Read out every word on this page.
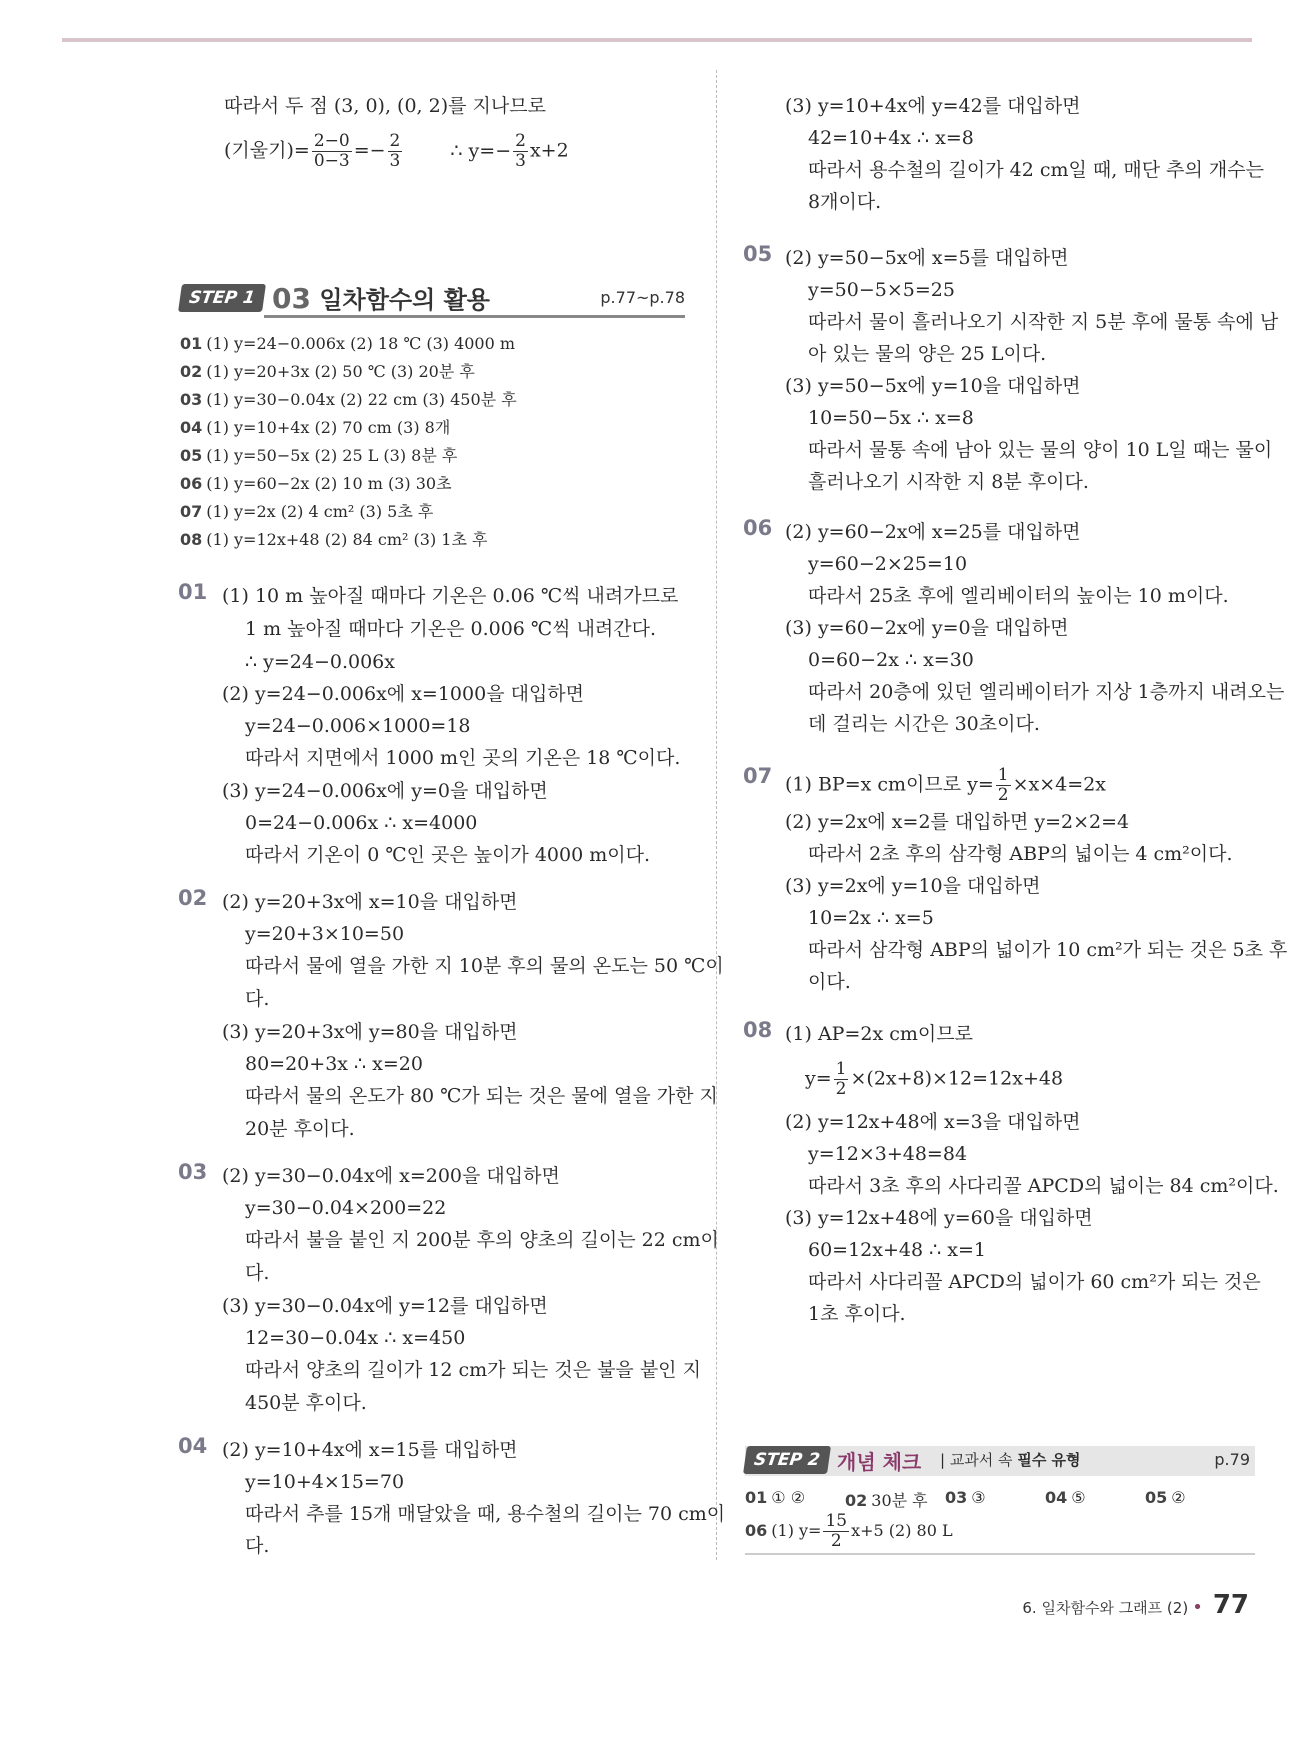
따라서 두 점 (3, 0), (0, 2)를 지나므로
(기울기)= $\frac{2-0}{0-3} =- \frac{2}{3}$	∴ $y=- \frac{2}{3} x+2$
STEP 1 03 일차함수의 활용	p.77~p.78
01 (1) y=24−0.006x (2) 18 ℃ (3) 4000 m
02 (1) y=20+3x (2) 50 ℃ (3) 20분 후
03 (1) y=30−0.04x (2) 22 cm (3) 450분 후
04 (1) y=10+4x (2) 70 cm (3) 8개
05 (1) y=50−5x (2) 25 L (3) 8분 후
06 (1) y=60−2x (2) 10 m (3) 30초
07 (1) y=2x (2) 4 cm² (3) 5초 후
08 (1) y=12x+48 (2) 84 cm² (3) 1초 후
01
02
03
04
(1) 10 m 높아질 때마다 기온은 0.06 ℃씩 내려가므로
1 m 높아질 때마다 기온은 0.006 ℃씩 내려간다.
∴ y=24−0.006x
(2) y=24−0.006x에 x=1000을 대입하면
y=24−0.006×1000=18
따라서 지면에서 1000 m인 곳의 기온은 18 ℃이다.
(3) y=24−0.006x에 y=0을 대입하면
0=24−0.006x ∴ x=4000
따라서 기온이 0 ℃인 곳은 높이가 4000 m이다.
(2) y=20+3x에 x=10을 대입하면
y=20+3×10=50
따라서 물에 열을 가한 지 10분 후의 물의 온도는 50 ℃이
다.
(3) y=20+3x에 y=80을 대입하면
80=20+3x ∴ x=20
따라서 물의 온도가 80 ℃가 되는 것은 물에 열을 가한 지
20분 후이다.
(2) y=30−0.04x에 x=200을 대입하면
y=30−0.04×200=22
따라서 불을 붙인 지 200분 후의 양초의 길이는 22 cm이
다.
(3) y=30−0.04x에 y=12를 대입하면
12=30−0.04x ∴ x=450
따라서 양초의 길이가 12 cm가 되는 것은 불을 붙인 지
450분 후이다.
(2) y=10+4x에 x=15를 대입하면
y=10+4×15=70
따라서 추를 15개 매달았을 때, 용수철의 길이는 70 cm이
다.
05
06
07
08
(3) y=10+4x에 y=42를 대입하면
42=10+4x ∴ x=8
따라서 용수철의 길이가 42 cm일 때, 매단 추의 개수는
8개이다.
(2) y=50−5x에 x=5를 대입하면
y=50−5×5=25
따라서 물이 흘러나오기 시작한 지 5분 후에 물통 속에 남
아 있는 물의 양은 25 L이다.
(3) y=50−5x에 y=10을 대입하면
10=50−5x ∴ x=8
따라서 물통 속에 남아 있는 물의 양이 10 L일 때는 물이
흘러나오기 시작한 지 8분 후이다.
(2) y=60−2x에 x=25를 대입하면
y=60−2×25=10
따라서 25초 후에 엘리베이터의 높이는 10 m이다.
(3) y=60−2x에 y=0을 대입하면
0=60−2x ∴ x=30
따라서 20층에 있던 엘리베이터가 지상 1층까지 내려오는
데 걸리는 시간은 30초이다.
(2) y=2x에 x=2를 대입하면 y=2×2=4
따라서 2초 후의 삼각형 ABP의 넓이는 4 cm²이다.
(3) y=2x에 y=10을 대입하면
10=2x ∴ x=5
따라서 삼각형 ABP의 넓이가 10 cm²가 되는 것은 5초 후
이다.
(1) AP=2x cm이므로
(2) y=12x+48에 x=3을 대입하면
y=12×3+48=84
따라서 3초 후의 사다리꼴 APCD의 넓이는 84 cm²이다.
(3) y=12x+48에 y=60을 대입하면
60=12x+48 ∴ x=1
따라서 사다리꼴 APCD의 넓이가 60 cm²가 되는 것은
1초 후이다.
(1) BP=x cm이므로 $y= \frac{1}{2} \times x\times 4=2x$
$y= \frac{1}{2} \times(2x+8)\times 12=12x+48$
STEP 2 개념 체크 | 교과서 속 필수 유형	p.79
01 ① ② 02 30분 후 03 ③	04 ⑤	05 ②
06 (1) $y= \frac{15}{2} x+5$ (2) 80 L
6. 일차함수와 그래프 (2) • 77
